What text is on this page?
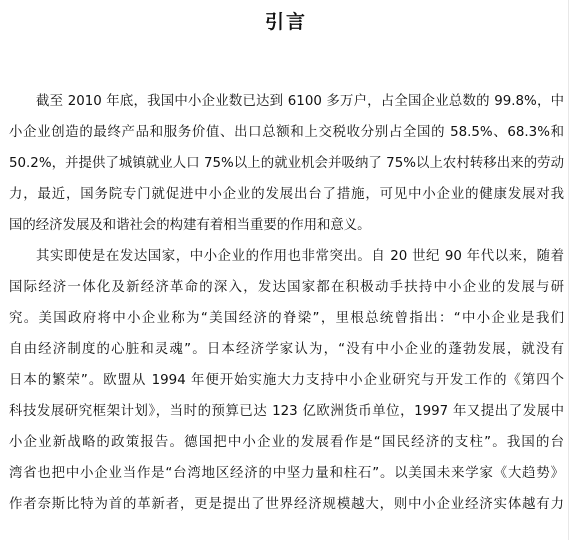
引言
截至 2010 年底，我国中小企业数已达到 6100 多万户，占全国企业总数的 99.8%，中
小企业创造的最终产品和服务价值、出口总额和上交税收分别占全国的 58.5%、68.3%和
50.2%，并提供了城镇就业人口 75%以上的就业机会并吸纳了 75%以上农村转移出来的劳动
力，最近，国务院专门就促进中小企业的发展出台了措施，可见中小企业的健康发展对我
国的经济发展及和谐社会的构建有着相当重要的作用和意义。
其实即使是在发达国家，中小企业的作用也非常突出。自 20 世纪 90 年代以来，随着
国际经济一体化及新经济革命的深入，发达国家都在积极动手扶持中小企业的发展与研
究。美国政府将中小企业称为“美国经济的脊梁”，里根总统曾指出：“中小企业是我们
自由经济制度的心脏和灵魂”。日本经济学家认为，“没有中小企业的蓬勃发展，就没有
日本的繁荣”。欧盟从 1994 年便开始实施大力支持中小企业研究与开发工作的《第四个
科技发展研究框架计划》，当时的预算已达 123 亿欧洲货币单位，1997 年又提出了发展中
小企业新战略的政策报告。德国把中小企业的发展看作是“国民经济的支柱”。我国的台
湾省也把中小企业当作是“台湾地区经济的中坚力量和柱石”。以美国未来学家《大趋势》
作者奈斯比特为首的革新者，更是提出了世界经济规模越大，则中小企业经济实体越有力
